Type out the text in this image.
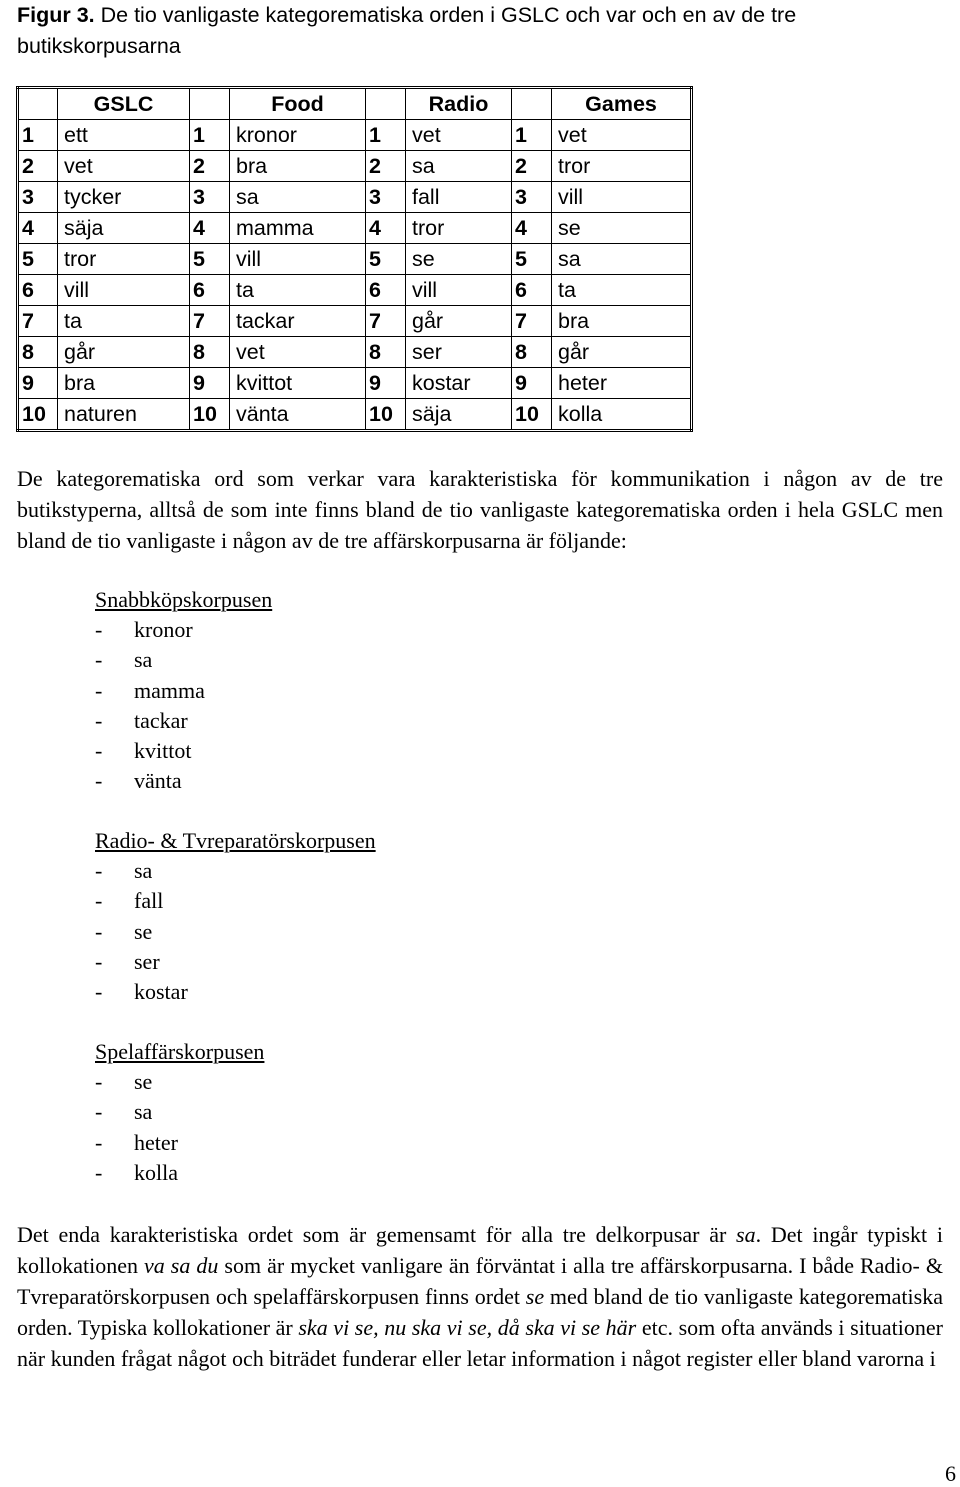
Figur 3. De tio vanligaste kategorematiska orden i GSLC och var och en av de tre butikskorpusarna
	GSLC		Food		Radio		Games
1	ett	1	kronor	1	vet	1	vet
2	vet	2	bra	2	sa	2	tror
3	tycker	3	sa	3	fall	3	vill
4	säja	4	mamma	4	tror	4	se
5	tror	5	vill	5	se	5	sa
6	vill	6	ta	6	vill	6	ta
7	ta	7	tackar	7	går	7	bra
8	går	8	vet	8	ser	8	går
9	bra	9	kvittot	9	kostar	9	heter
10	naturen	10	vänta	10	säja	10	kolla
De kategorematiska ord som verkar vara karakteristiska för kommunikation i någon av de tre butikstyperna, alltså de som inte finns bland de tio vanligaste kategorematiska orden i hela GSLC men bland de tio vanligaste i någon av de tre affärskorpusarna är följande:
Snabbköpskorpusen
- kronor
- sa
- mamma
- tackar
- kvittot
- vänta
Radio- & Tvreparatörskorpusen
- sa
- fall
- se
- ser
- kostar
Spelaffärskorpusen
- se
- sa
- heter
- kolla
Det enda karakteristiska ordet som är gemensamt för alla tre delkorpusar är sa. Det ingår typiskt i kollokationen va sa du som är mycket vanligare än förväntat i alla tre affärskorpusarna. I både Radio- & Tvreparatörskorpusen och spelaffärskorpusen finns ordet se med bland de tio vanligaste kategorematiska orden. Typiska kollokationer är ska vi se, nu ska vi se, då ska vi se här etc. som ofta används i situationer när kunden frågat något och biträdet funderar eller letar information i något register eller bland varorna i
6
